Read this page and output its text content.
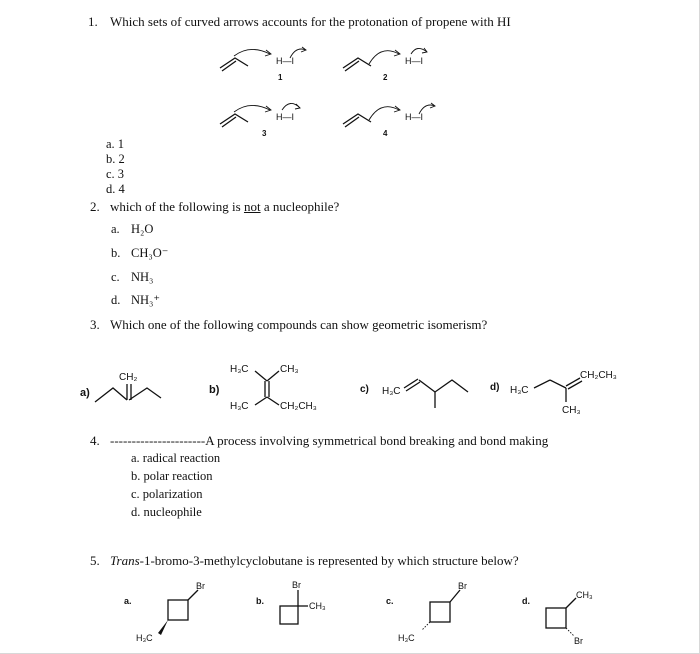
1. Which sets of curved arrows accounts for the protonation of propene with HI
H—I
1
H—I
2
H—I
3
H—I
4
a. 1
b. 2
c. 3
d. 4
2. which of the following is not a nucleophile?
a. H₂O
b. CH₃O⁻
c. NH₃
d. NH₃⁺
3. Which one of the following compounds can show geometric isomerism?
a)
CH₂
b)
H₃C	CH₃
H₃C	CH₂CH₃
c) H₃C	d) H₃C
CH₂CH₃
CH₃
4. ----------------------A process involving symmetrical bond breaking and bond making
a. radical reaction
b. polar reaction
c. polarization
d. nucleophile
5. Trans-1-bromo-3-methylcyclobutane is represented by which structure below?
a.
Br
H₃C
b.
Br
CH₃	c.
Br
H₃C
d.
CH₃
Br
